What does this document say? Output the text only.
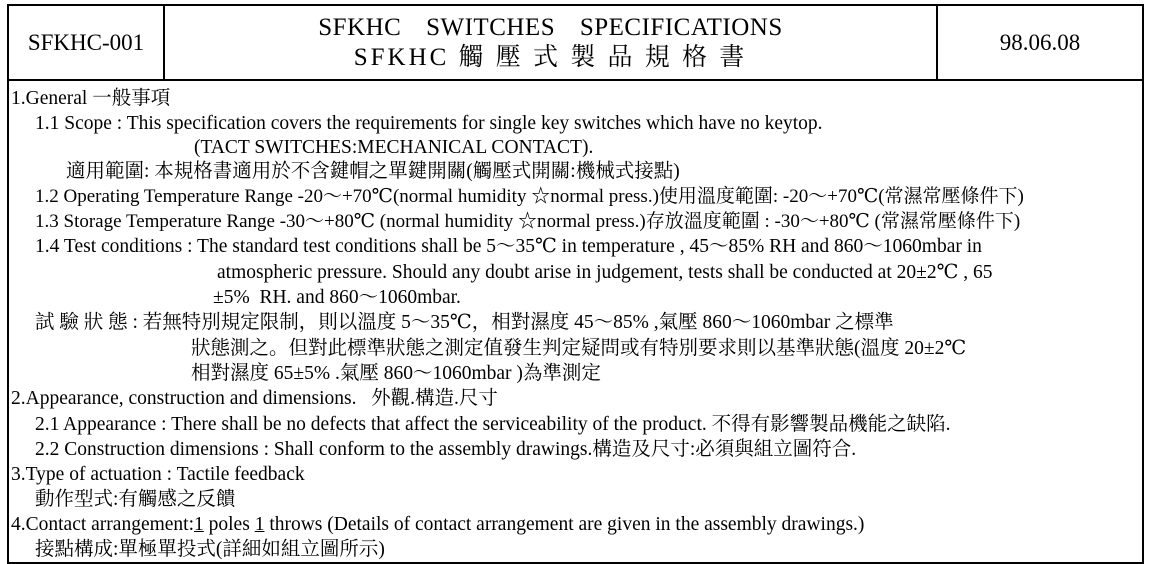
SFKHC-001
SFKHC SWITCHES SPECIFICATIONS
SFKHC 觸 壓 式 製 品 規 格 書
98.06.08
1.General 一般事項
1.1 Scope : This specification covers the requirements for single key switches which have no keytop.
(TACT SWITCHES:MECHANICAL CONTACT).
適用範圍: 本規格書適用於不含鍵帽之單鍵開關(觸壓式開關:機械式接點)
1.2 Operating Temperature Range -20～+70℃(normal humidity ☆normal press.)使用溫度範圍: -20～+70℃(常濕常壓條件下)
1.3 Storage Temperature Range -30～+80℃ (normal humidity ☆normal press.)存放溫度範圍 : -30～+80℃ (常濕常壓條件下)
1.4 Test conditions : The standard test conditions shall be 5～35℃ in temperature , 45～85% RH and 860～1060mbar in
atmospheric pressure. Should any doubt arise in judgement, tests shall be conducted at 20±2℃ , 65
±5%  RH. and 860～1060mbar.
試 驗 狀 態 : 若無特別規定限制，則以溫度 5～35℃，相對濕度 45～85% ,氣壓 860～1060mbar 之標準
狀態測之。但對此標準狀態之測定值發生判定疑問或有特別要求則以基準狀態(溫度 20±2℃
相對濕度 65±5% .氣壓 860～1060mbar )為準測定
2.Appearance, construction and dimensions.   外觀.構造.尺寸
2.1 Appearance : There shall be no defects that affect the serviceability of the product. 不得有影響製品機能之缺陷.
2.2 Construction dimensions : Shall conform to the assembly drawings.構造及尺寸:必須與組立圖符合.
3.Type of actuation : Tactile feedback
動作型式:有觸感之反饋
4.Contact arrangement:1 poles 1 throws (Details of contact arrangement are given in the assembly drawings.)
接點構成:單極單投式(詳細如組立圖所示)
